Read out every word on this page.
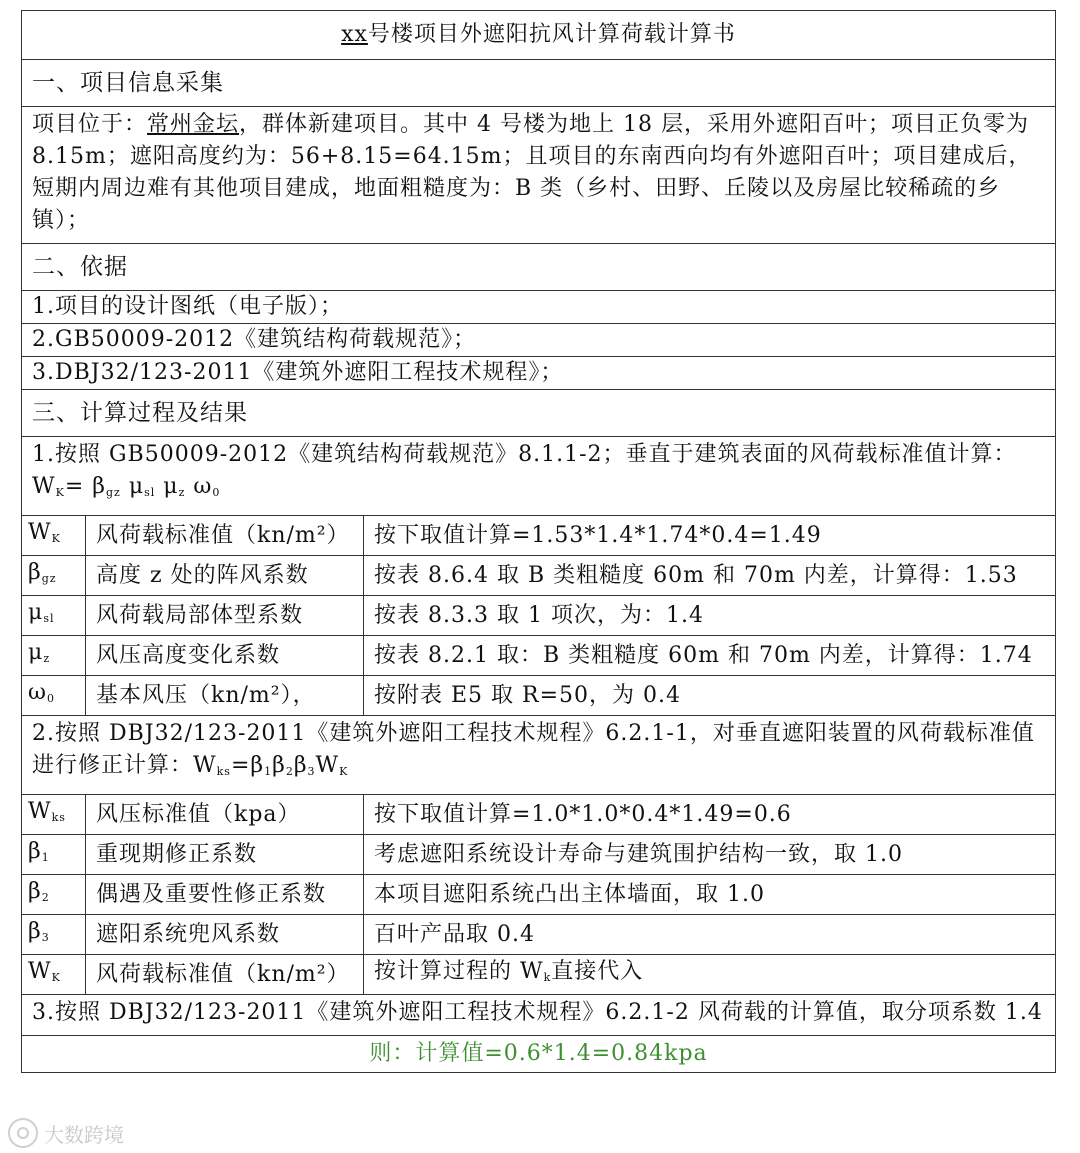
xx号楼项目外遮阳抗风计算荷载计算书		
一、项目信息采集		
项目位于：常州金坛，群体新建项目。其中 4 号楼为地上 18 层，采用外遮阳百叶；项目正负零为 8.15m；遮阳高度约为：56+8.15=64.15m；且项目的东南西向均有外遮阳百叶；项目建成后，短期内周边难有其他项目建成，地面粗糙度为：B 类（乡村、田野、丘陵以及房屋比较稀疏的乡镇）；		
二、依据		
1.项目的设计图纸（电子版）；		
2.GB50009-2012《建筑结构荷载规范》；		
3.DBJ32/123-2011《建筑外遮阳工程技术规程》；		
三、计算过程及结果		

1.按照 GB50009-2012《建筑结构荷载规范》8.1.1-2；垂直于建筑表面的风荷载标准值计算：
$W_K= \beta_{gz}$ $\mu_{sl}$ $\mu_z$ $\omega_0$

$W_K$	风荷载标准值（kn/m²）	按下取值计算=1.53*1.4*1.74*0.4=1.49
$\beta_{gz}$	高度 z 处的阵风系数	按表 8.6.4 取 B 类粗糙度 60m 和 70m 内差，计算得：1.53
$\mu_{sl}$	风荷载局部体型系数	按表 8.3.3 取 1 项次，为：1.4
$\mu_z$	风压高度变化系数	按表 8.2.1 取：B 类粗糙度 60m 和 70m 内差，计算得：1.74
$\omega_0$	基本风压（kn/m²），	按附表 E5 取 R=50，为 0.4
2.按照 DBJ32/123-2011《建筑外遮阳工程技术规程》6.2.1-1，对垂直遮阳装置的风荷载标准值进行修正计算：$W_{ks}=\beta_1\beta_2\beta_3W_K$
$W_{ks}$	风压标准值（kpa）	按下取值计算=1.0*1.0*0.4*1.49=0.6
$\beta_1$	重现期修正系数	考虑遮阳系统设计寿命与建筑围护结构一致，取 1.0
$\beta_2$	偶遇及重要性修正系数	本项目遮阳系统凸出主体墙面，取 1.0
$\beta_3$	遮阳系统兜风系数	百叶产品取 0.4
$W_K$	风荷载标准值（kn/m²）	按计算过程的 $W_k$直接代入
3.按照 DBJ32/123-2011《建筑外遮阳工程技术规程》6.2.1-2 风荷载的计算值，取分项系数 1.4		
则：计算值=0.6*1.4=0.84kpa		
大数跨境
